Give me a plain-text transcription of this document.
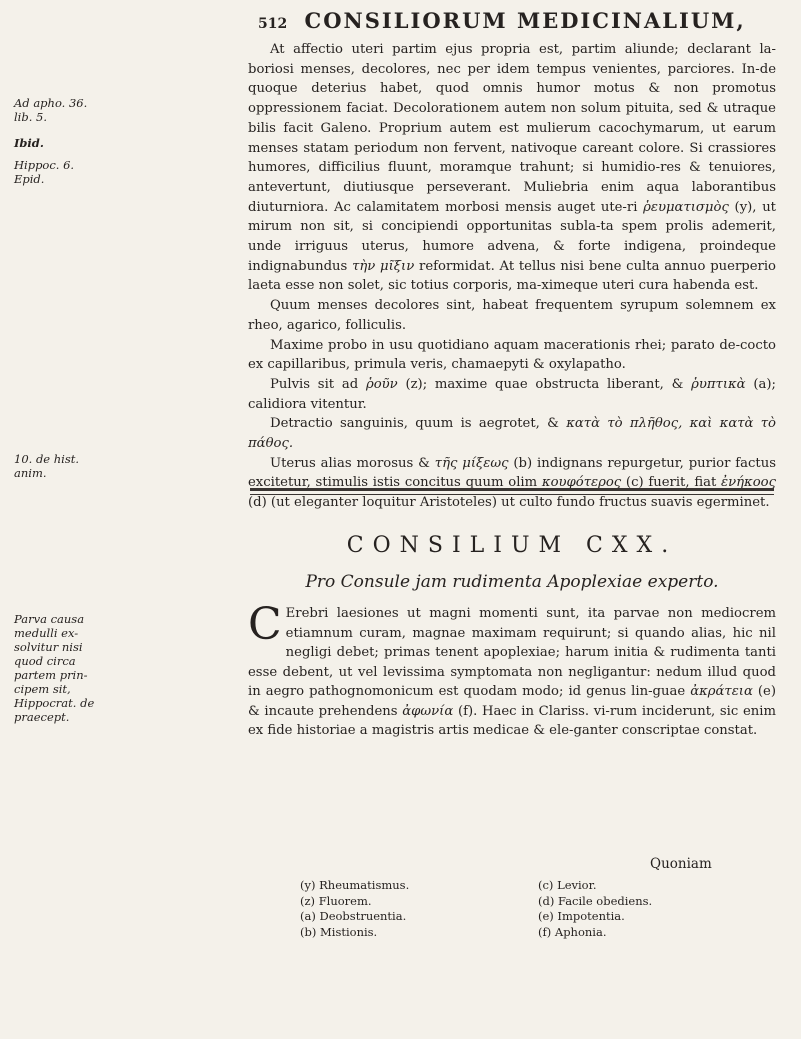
512 CONSILIORUM MEDICINALIUM,
Ad apho. 36.
lib. 5.
Ibid.
Hippoc. 6.
Epid.
10. de hist.
anim.
Parva causa
medulli ex-
solvitur nisi
quod circa
partem prin-
cipem sit,
Hippocrat. de
praecept.

At affectio uteri partim ejus propria est, partim aliunde; declarant la-boriosi menses, decolores, nec per idem tempus venientes, parciores. In-de quoque deterius habet, quod omnis humor motus & non promotus oppressionem faciat. Decolorationem autem non solum pituita, sed & utraque bilis facit Galeno. Proprium autem est mulierum cacochymarum, ut earum menses statam periodum non fervent, nativoque careant colore. Si crassiores humores, difficilius fluunt, moramque trahunt; si humidio-res & tenuiores, antevertunt, diutiusque perseverant. Muliebria enim aqua laborantibus diuturniora. Ac calamitatem morbosi mensis auget ute-ri ῥευματισμὸς (y), ut mirum non sit, si concipiendi opportunitas subla-ta spem prolis ademerit, unde irriguus uterus, humore advena, & forte indigena, proindeque indignabundus τὴν μῖξιν reformidat. At tellus nisi bene culta annuo puerperio laeta esse non solet, sic totius corporis, ma-ximeque uteri cura habenda est.

Quum menses decolores sint, habeat frequentem syrupum solemnem ex rheo, agarico, folliculis.

Maxime probo in usu quotidiano aquam macerationis rhei; parato de-cocto ex capillaribus, primula veris, chamaepyti & oxylapatho.

Pulvis sit ad ῥοῦν (z); maxime quae obstructa liberant, & ῥυπτικὰ (a); calidiora vitentur.

Detractio sanguinis, quum is aegrotet, & κατὰ τὸ πλῆθος, καὶ κατὰ τὸ πάθος.

Uterus alias morosus & τῆς μίξεως (b) indignans repurgetur, purior factus excitetur, stimulis istis concitus quum olim κουφότερος (c) fuerit, fiat ἐνήκοος (d) (ut eleganter loquitur Aristoteles) ut culto fundo fructus suavis egerminet.

CONSILIUM CXX.
Pro Consule jam rudimenta Apoplexiae experto.

C Erebri laesiones ut magni momenti sunt, ita parvae non mediocrem etiamnum curam, magnae maximam requirunt; si quando alias, hic nil negligi debet; primas tenent apoplexiae; harum initia & rudimenta tanti esse debent, ut vel levissima symptomata non negligantur: nedum illud quod in aegro pathognomonicum est quodam modo; id genus lin-guae ἀκράτεια (e) & incaute prehendens ἀφωνία (f). Haec in Clariss. vi-rum inciderunt, sic enim ex fide historiae a magistris artis medicae & ele-ganter conscriptae constat.

Quoniam
(y) Rheumatismus.
(z) Fluorem.
(a) Deobstruentia.
(b) Mistionis.
(c) Levior.
(d) Facile obediens.
(e) Impotentia.
(f) Aphonia.
